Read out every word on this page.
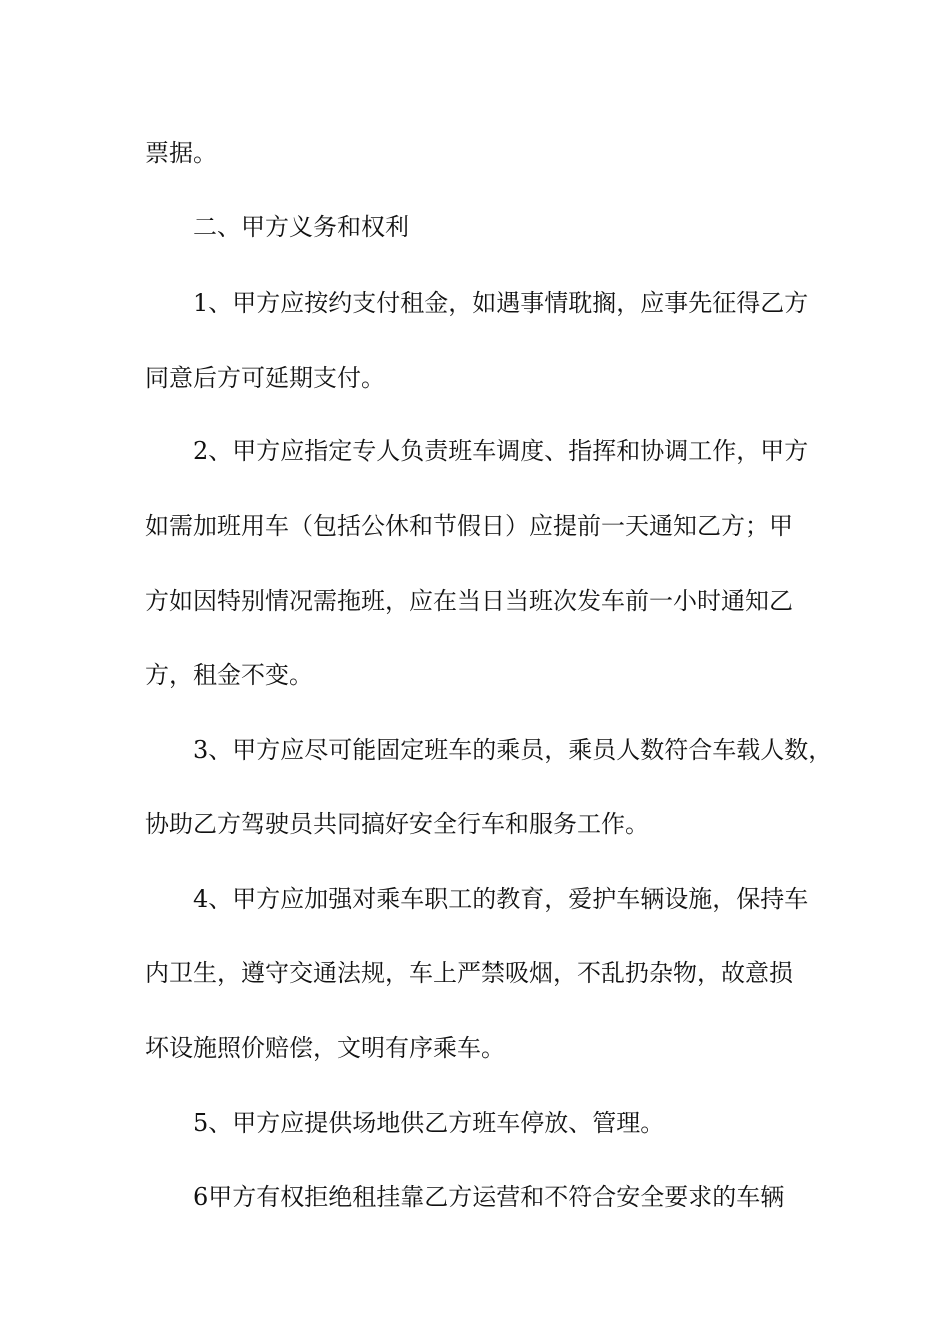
票据。
二、甲方义务和权利
1、甲方应按约支付租金，如遇事情耽搁，应事先征得乙方
同意后方可延期支付。
2、甲方应指定专人负责班车调度、指挥和协调工作，甲方
如需加班用车（包括公休和节假日）应提前一天通知乙方；甲
方如因特别情况需拖班，应在当日当班次发车前一小时通知乙
方，租金不变。
3、甲方应尽可能固定班车的乘员，乘员人数符合车载人数，
协助乙方驾驶员共同搞好安全行车和服务工作。
4、甲方应加强对乘车职工的教育，爱护车辆设施，保持车
内卫生，遵守交通法规，车上严禁吸烟，不乱扔杂物，故意损
坏设施照价赔偿，文明有序乘车。
5、甲方应提供场地供乙方班车停放、管理。
6甲方有权拒绝租挂靠乙方运营和不符合安全要求的车辆
